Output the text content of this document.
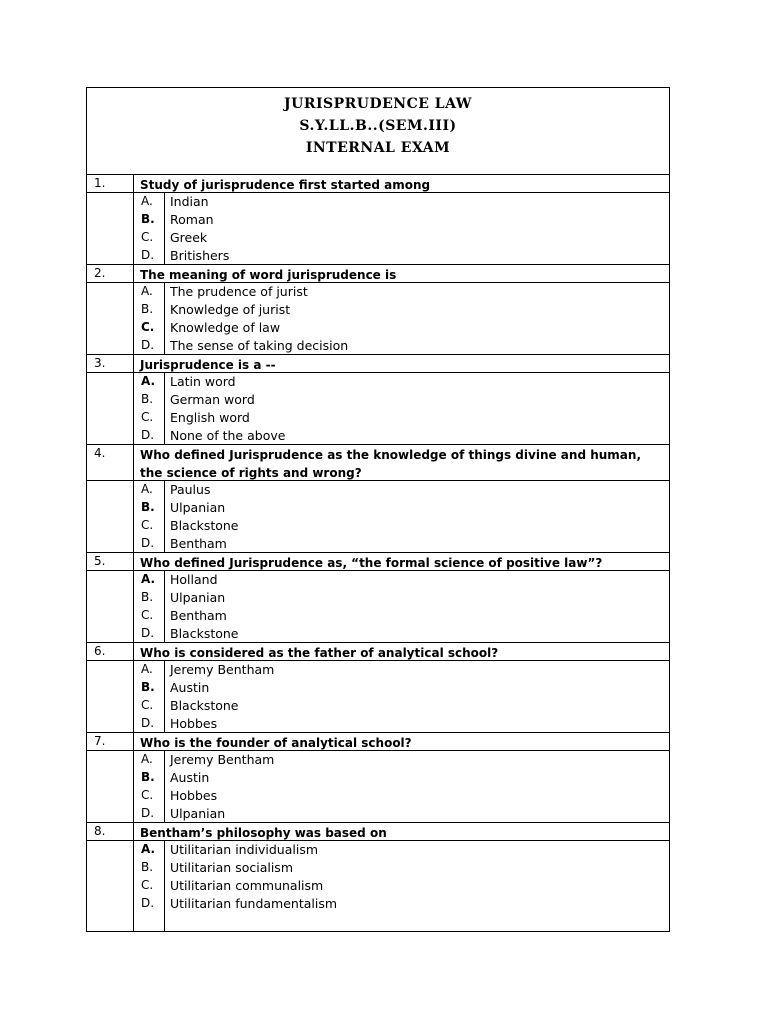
JURISPRUDENCE LAW
S.Y.LL.B..(SEM.III)
INTERNAL EXAM
1.	Study of jurisprudence first started among
A. Indian
B. Roman
C. Greek
D. Britishers
2.	The meaning of word jurisprudence is
A. The prudence of jurist
B. Knowledge of jurist
C. Knowledge of law
D. The sense of taking decision
3.	Jurisprudence is a --
A. Latin word
B. German word
C. English word
D. None of the above
4.	Who defined Jurisprudence as the knowledge of things divine and human, the science of rights and wrong?
A. Paulus
B. Ulpanian
C. Blackstone
D. Bentham
5.	Who defined Jurisprudence as, “the formal science of positive law”?
A. Holland
B. Ulpanian
C. Bentham
D. Blackstone
6.	Who is considered as the father of analytical school?
A. Jeremy Bentham
B. Austin
C. Blackstone
D. Hobbes
7.	Who is the founder of analytical school?
A. Jeremy Bentham
B. Austin
C. Hobbes
D. Ulpanian
8.	Bentham’s philosophy was based on
A. Utilitarian individualism
B. Utilitarian socialism
C. Utilitarian communalism
D. Utilitarian fundamentalism
